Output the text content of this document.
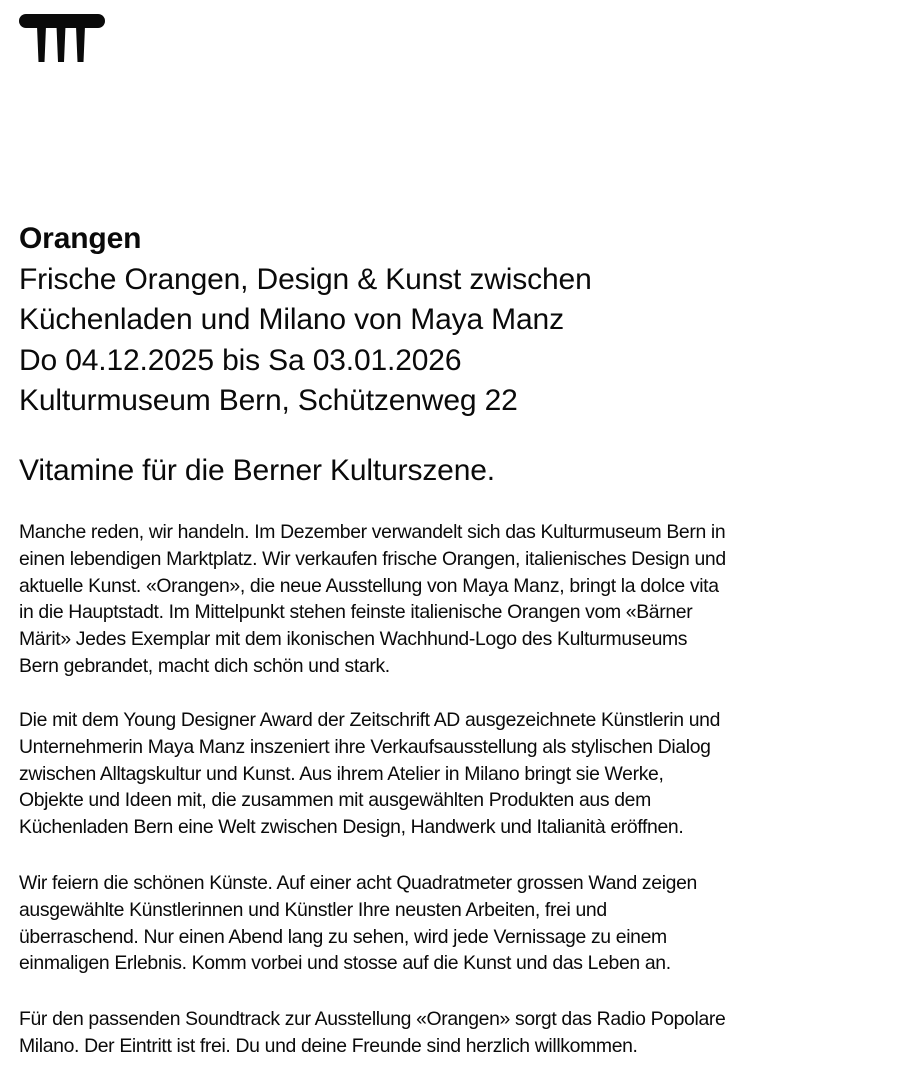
Orangen
Frische Orangen, Design & Kunst zwischen
Küchenladen und Milano von Maya Manz
Do 04.12.2025 bis Sa 03.01.2026
Kulturmuseum Bern, Schützenweg 22
Vitamine für die Berner Kulturszene.
Manche reden, wir handeln. Im Dezember verwandelt sich das Kulturmuseum Bern in
einen lebendigen Marktplatz. Wir verkaufen frische Orangen, italienisches Design und
aktuelle Kunst. «Orangen», die neue Ausstellung von Maya Manz, bringt la dolce vita
in die Hauptstadt. Im Mittelpunkt stehen feinste italienische Orangen vom «Bärner
Märit» Jedes Exemplar mit dem ikonischen Wachhund-Logo des Kulturmuseums
Bern gebrandet, macht dich schön und stark.
Die mit dem Young Designer Award der Zeitschrift AD ausgezeichnete Künstlerin und
Unternehmerin Maya Manz inszeniert ihre Verkaufsausstellung als stylischen Dialog
zwischen Alltagskultur und Kunst. Aus ihrem Atelier in Milano bringt sie Werke,
Objekte und Ideen mit, die zusammen mit ausgewählten Produkten aus dem
Küchenladen Bern eine Welt zwischen Design, Handwerk und Italianità eröffnen.
Wir feiern die schönen Künste. Auf einer acht Quadratmeter grossen Wand zeigen
ausgewählte Künstlerinnen und Künstler Ihre neusten Arbeiten, frei und
überraschend. Nur einen Abend lang zu sehen, wird jede Vernissage zu einem
einmaligen Erlebnis. Komm vorbei und stosse auf die Kunst und das Leben an.
Für den passenden Soundtrack zur Ausstellung «Orangen» sorgt das Radio Popolare
Milano. Der Eintritt ist frei. Du und deine Freunde sind herzlich willkommen.
